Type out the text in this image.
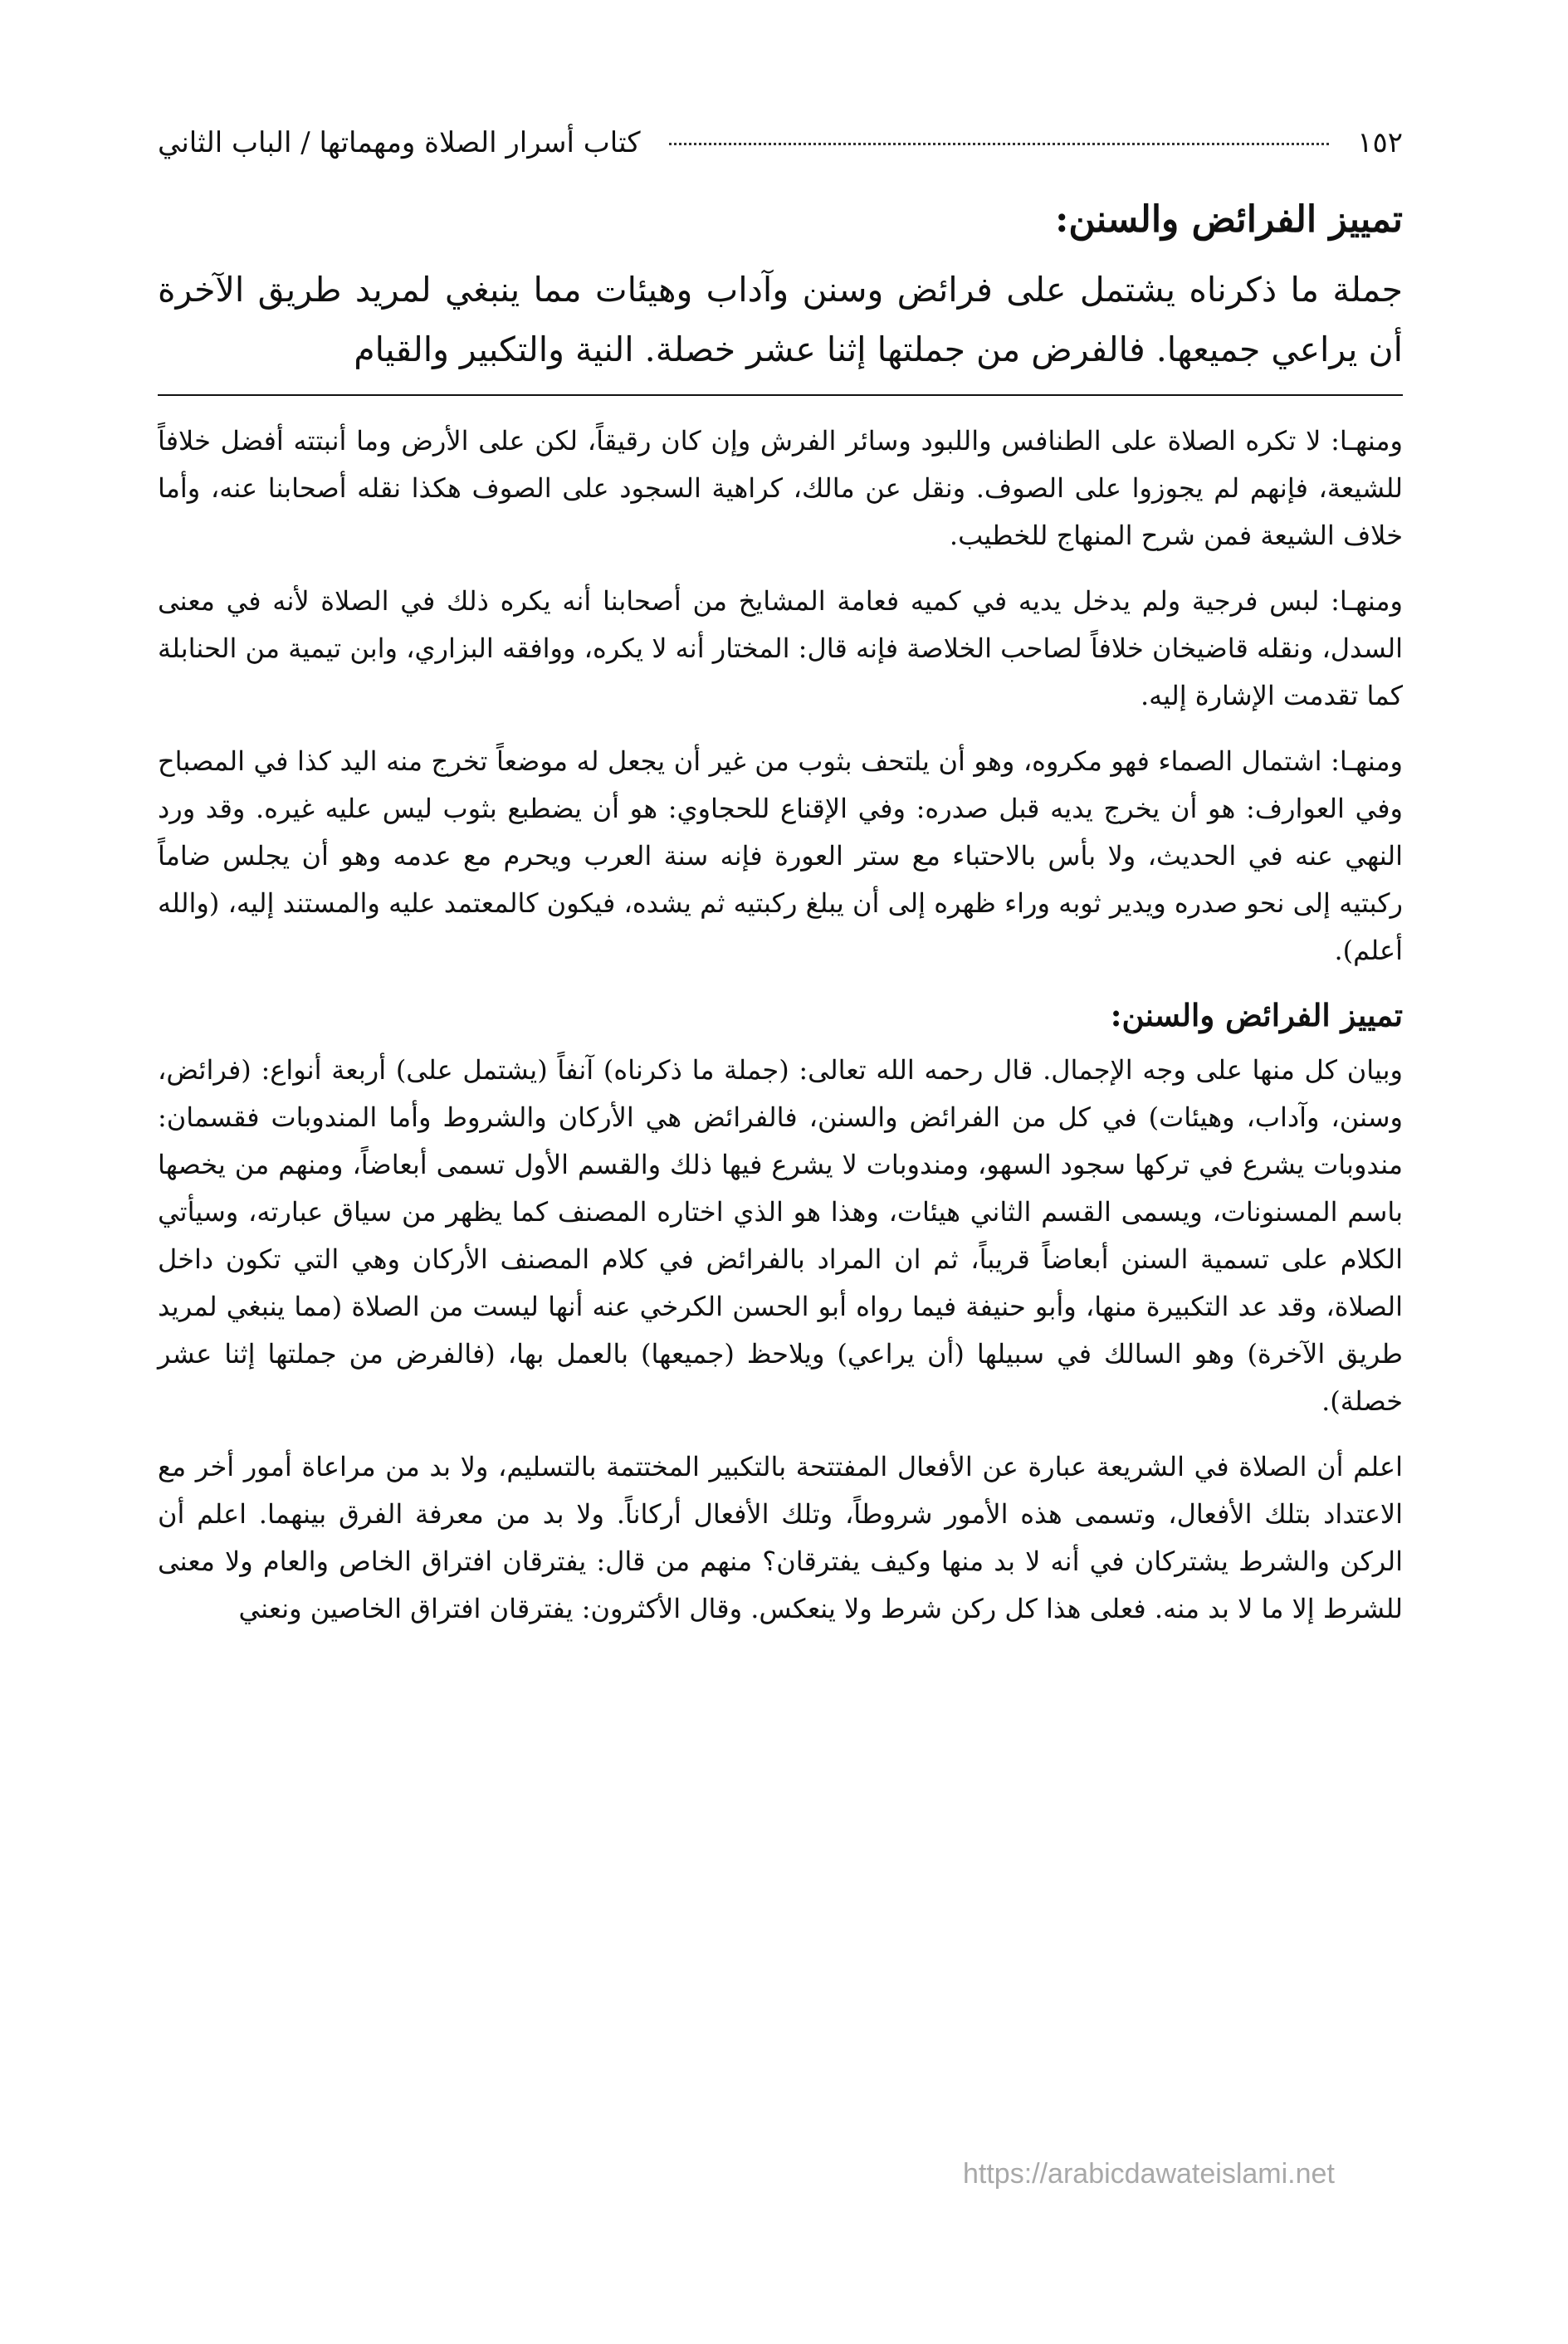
١٥٢
كتاب أسرار الصلاة ومهماتها / الباب الثاني
تمييز الفرائض والسنن:

جملة ما ذكرناه يشتمل على فرائض وسنن وآداب وهيئات مما ينبغي لمريد طريق الآخرة أن يراعي جميعها. فالفرض من جملتها إثنا عشر خصلة. النية والتكبير والقيام

ومنهـا: لا تكره الصلاة على الطنافس واللبود وسائر الفرش وإن كان رقيقاً، لكن على الأرض وما أنبتته أفضل خلافاً للشيعة، فإنهم لم يجوزوا على الصوف. ونقل عن مالك، كراهية السجود على الصوف هكذا نقله أصحابنا عنه، وأما خلاف الشيعة فمن شرح المنهاج للخطيب.

ومنهـا: لبس فرجية ولم يدخل يديه في كميه فعامة المشايخ من أصحابنا أنه يكره ذلك في الصلاة لأنه في معنى السدل، ونقله قاضيخان خلافاً لصاحب الخلاصة فإنه قال: المختار أنه لا يكره، ووافقه البزاري، وابن تيمية من الحنابلة كما تقدمت الإشارة إليه.

ومنهـا: اشتمال الصماء فهو مكروه، وهو أن يلتحف بثوب من غير أن يجعل له موضعاً تخرج منه اليد كذا في المصباح وفي العوارف: هو أن يخرج يديه قبل صدره: وفي الإقناع للحجاوي: هو أن يضطبع بثوب ليس عليه غيره. وقد ورد النهي عنه في الحديث، ولا بأس بالاحتباء مع ستر العورة فإنه سنة العرب ويحرم مع عدمه وهو أن يجلس ضاماً ركبتيه إلى نحو صدره ويدير ثوبه وراء ظهره إلى أن يبلغ ركبتيه ثم يشده، فيكون كالمعتمد عليه والمستند إليه، (والله أعلم).

تمييز الفرائض والسنن:

وبيان كل منها على وجه الإجمال. قال رحمه الله تعالى: (جملة ما ذكرناه) آنفاً (يشتمل على) أربعة أنواع: (فرائض، وسنن، وآداب، وهيئات) في كل من الفرائض والسنن، فالفرائض هي الأركان والشروط وأما المندوبات فقسمان: مندوبات يشرع في تركها سجود السهو، ومندوبات لا يشرع فيها ذلك والقسم الأول تسمى أبعاضاً، ومنهم من يخصها باسم المسنونات، ويسمى القسم الثاني هيئات، وهذا هو الذي اختاره المصنف كما يظهر من سياق عبارته، وسيأتي الكلام على تسمية السنن أبعاضاً قريباً، ثم ان المراد بالفرائض في كلام المصنف الأركان وهي التي تكون داخل الصلاة، وقد عد التكبيرة منها، وأبو حنيفة فيما رواه أبو الحسن الكرخي عنه أنها ليست من الصلاة (مما ينبغي لمريد طريق الآخرة) وهو السالك في سبيلها (أن يراعي) ويلاحظ (جميعها) بالعمل بها، (فالفرض من جملتها إثنا عشر خصلة).

اعلم أن الصلاة في الشريعة عبارة عن الأفعال المفتتحة بالتكبير المختتمة بالتسليم، ولا بد من مراعاة أمور أخر مع الاعتداد بتلك الأفعال، وتسمى هذه الأمور شروطاً، وتلك الأفعال أركاناً. ولا بد من معرفة الفرق بينهما. اعلم أن الركن والشرط يشتركان في أنه لا بد منها وكيف يفترقان؟ منهم من قال: يفترقان افتراق الخاص والعام ولا معنى للشرط إلا ما لا بد منه. فعلى هذا كل ركن شرط ولا ينعكس. وقال الأكثرون: يفترقان افتراق الخاصين ونعني

https://arabicdawateislami.net
